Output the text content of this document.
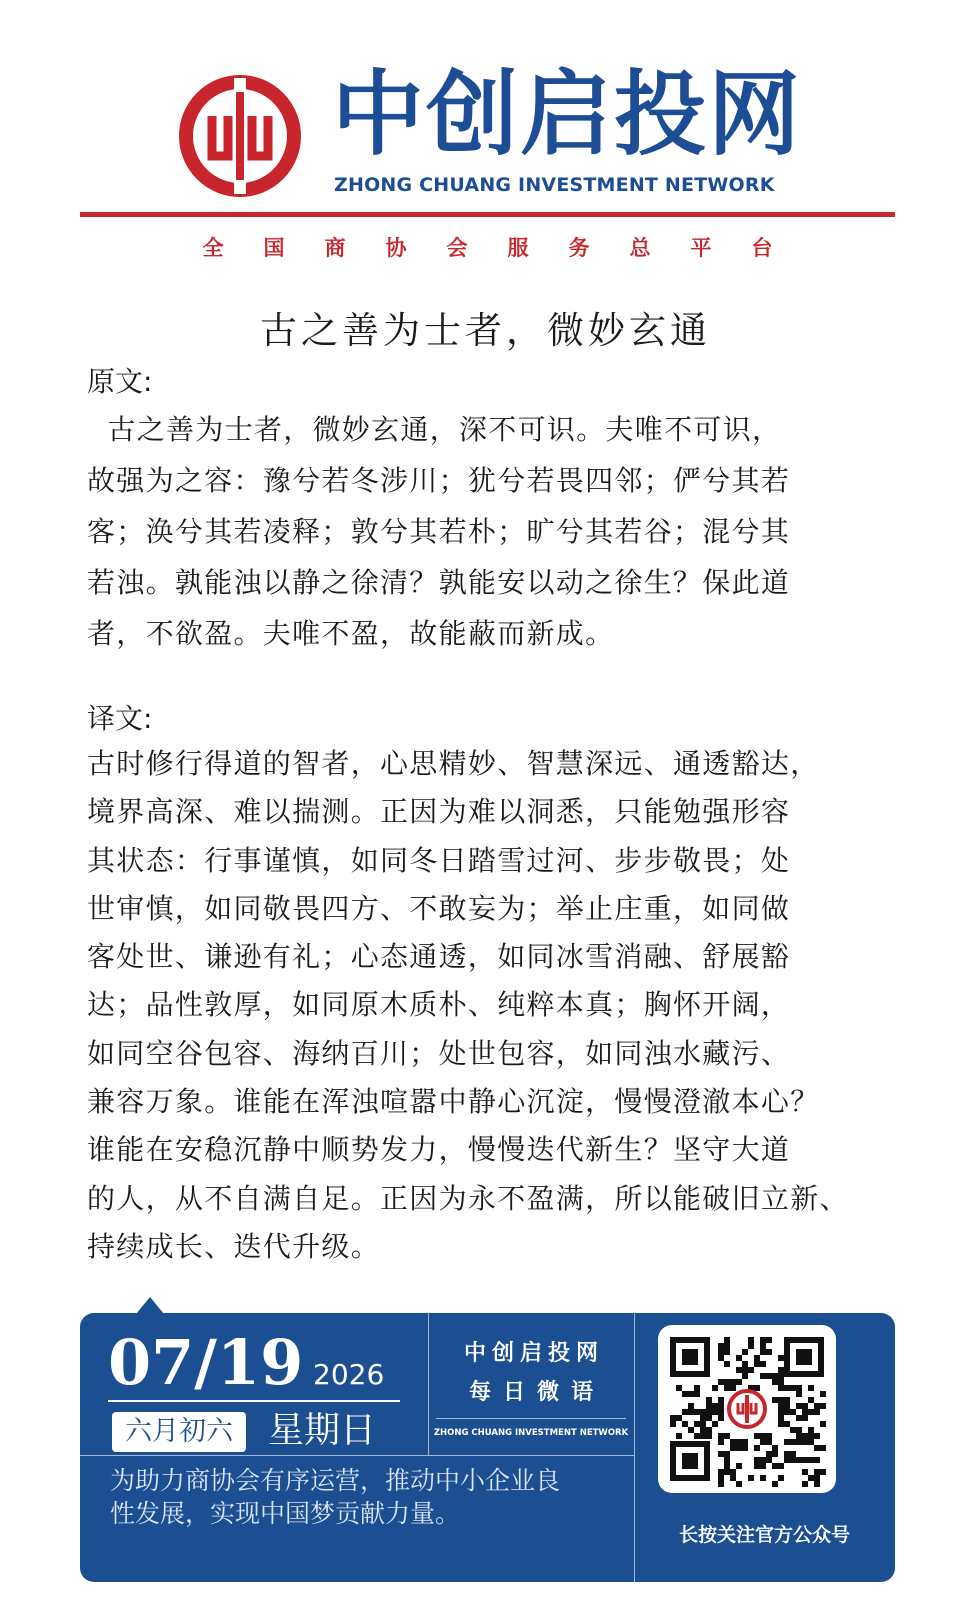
中创启投网
ZHONG CHUANG INVESTMENT NETWORK
全国商协会服务总平台
古之善为士者，微妙玄通
原文:
古之善为士者，微妙玄通，深不可识。夫唯不可识，
故强为之容：豫兮若冬涉川；犹兮若畏四邻；俨兮其若
客；涣兮其若凌释；敦兮其若朴；旷兮其若谷；混兮其
若浊。孰能浊以静之徐清？孰能安以动之徐生？保此道
者，不欲盈。夫唯不盈，故能蔽而新成。
译文:
古时修行得道的智者，心思精妙、智慧深远、通透豁达，
境界高深、难以揣测。正因为难以洞悉，只能勉强形容
其状态：行事谨慎，如同冬日踏雪过河、步步敬畏；处
世审慎，如同敬畏四方、不敢妄为；举止庄重，如同做
客处世、谦逊有礼；心态通透，如同冰雪消融、舒展豁
达；品性敦厚，如同原木质朴、纯粹本真；胸怀开阔，
如同空谷包容、海纳百川；处世包容，如同浊水藏污、
兼容万象。谁能在浑浊喧嚣中静心沉淀，慢慢澄澈本心？
谁能在安稳沉静中顺势发力，慢慢迭代新生？坚守大道
的人，从不自满自足。正因为永不盈满，所以能破旧立新、
持续成长、迭代升级。
07/19 2026
六月初六 星期日
中创启投网
每日微语
ZHONG CHUANG INVESTMENT NETWORK
为助力商协会有序运营，推动中小企业良
性发展，实现中国梦贡献力量。
长按关注官方公众号
